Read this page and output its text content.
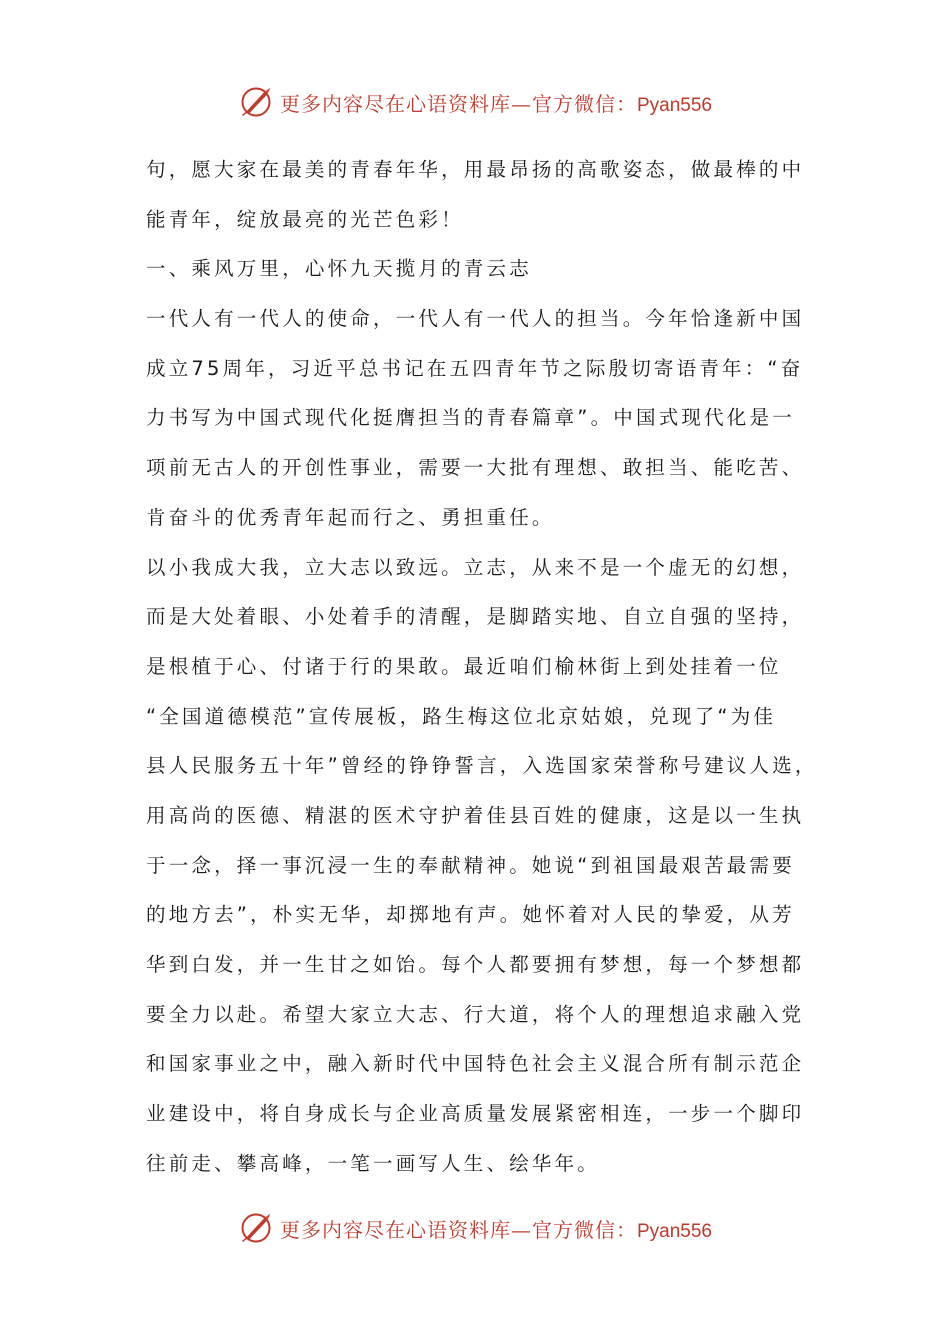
更多内容尽在心语资料库—官方微信：Pyan556
句，愿大家在最美的青春年华，用最昂扬的高歌姿态，做最棒的中
能青年，绽放最亮的光芒色彩！
一、乘风万里，心怀九天揽月的青云志
一代人有一代人的使命，一代人有一代人的担当。今年恰逢新中国
成立75周年，习近平总书记在五四青年节之际殷切寄语青年：“奋
力书写为中国式现代化挺膺担当的青春篇章”。中国式现代化是一
项前无古人的开创性事业，需要一大批有理想、敢担当、能吃苦、
肯奋斗的优秀青年起而行之、勇担重任。
以小我成大我，立大志以致远。立志，从来不是一个虚无的幻想，
而是大处着眼、小处着手的清醒，是脚踏实地、自立自强的坚持，
是根植于心、付诸于行的果敢。最近咱们榆林街上到处挂着一位
“全国道德模范”宣传展板，路生梅这位北京姑娘，兑现了“为佳
县人民服务五十年”曾经的铮铮誓言，入选国家荣誉称号建议人选，
用高尚的医德、精湛的医术守护着佳县百姓的健康，这是以一生执
于一念，择一事沉浸一生的奉献精神。她说“到祖国最艰苦最需要
的地方去”，朴实无华，却掷地有声。她怀着对人民的挚爱，从芳
华到白发，并一生甘之如饴。每个人都要拥有梦想，每一个梦想都
要全力以赴。希望大家立大志、行大道，将个人的理想追求融入党
和国家事业之中，融入新时代中国特色社会主义混合所有制示范企
业建设中，将自身成长与企业高质量发展紧密相连，一步一个脚印
往前走、攀高峰，一笔一画写人生、绘华年。
更多内容尽在心语资料库—官方微信：Pyan556
